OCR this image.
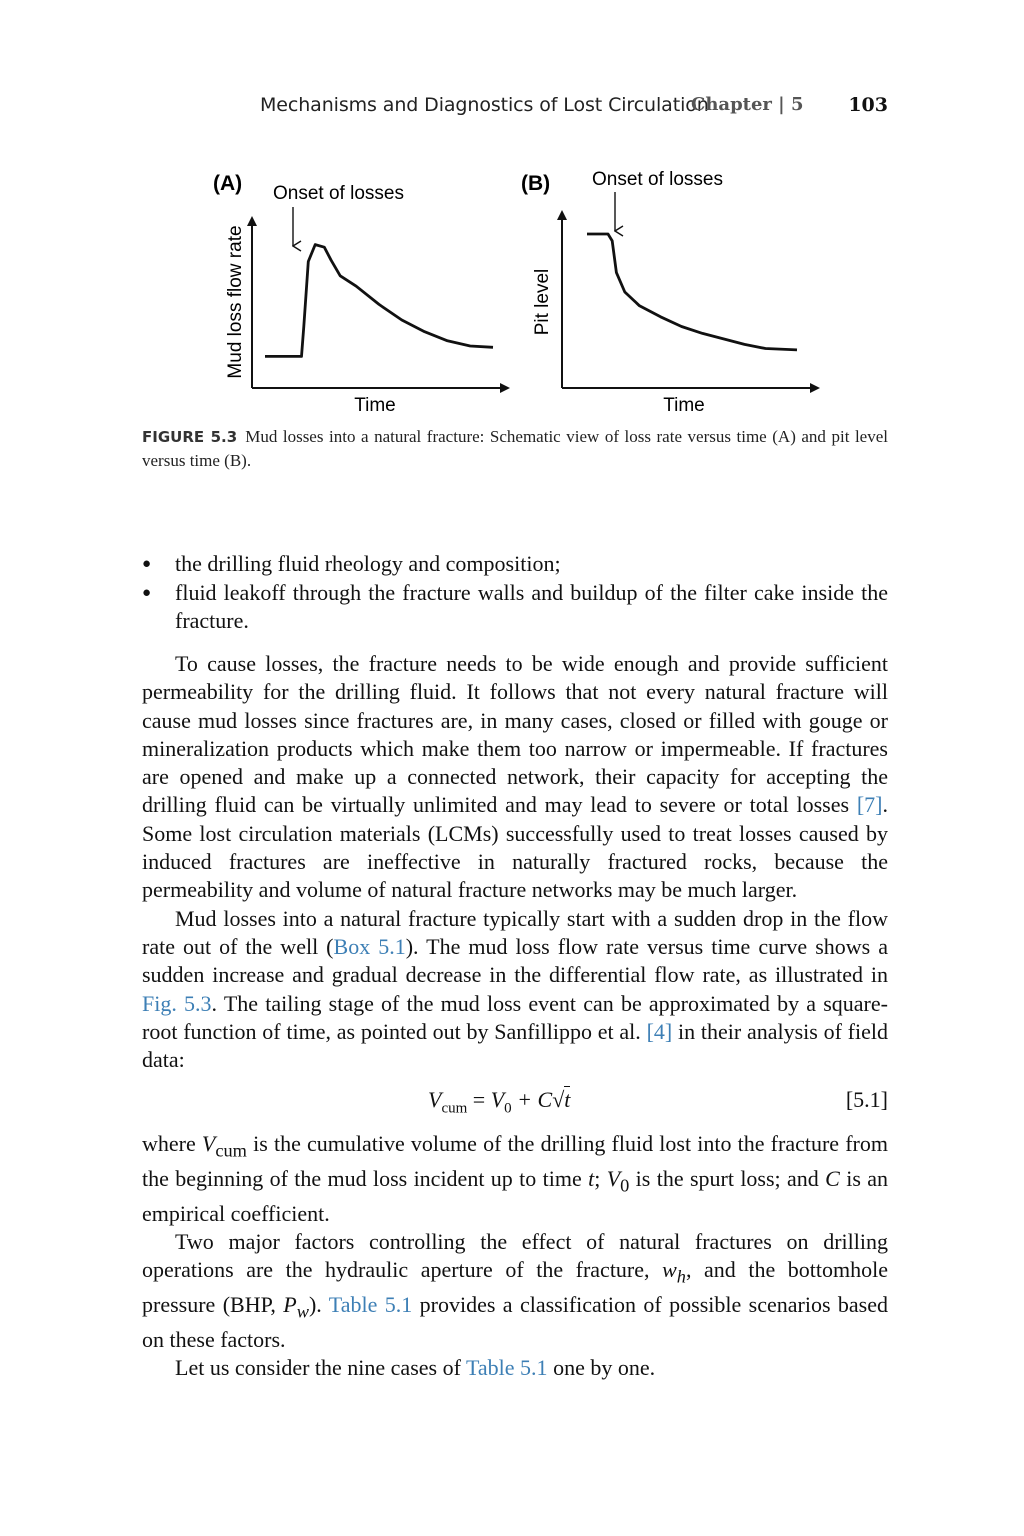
Mechanisms and Diagnostics of Lost Circulation
Chapter | 5 103
(A) Onset of losses
Mud loss flow rate
Time
(B) Onset of losses
Pit level
Time
FIGURE 5.3 Mud losses into a natural fracture: Schematic view of loss rate versus time (A) and pit level versus time (B).
● the drilling fluid rheology and composition;
● fluid leakoff through the fracture walls and buildup of the filter cake inside the fracture.

To cause losses, the fracture needs to be wide enough and provide sufficient permeability for the drilling fluid. It follows that not every natural fracture will cause mud losses since fractures are, in many cases, closed or filled with gouge or mineralization products which make them too narrow or impermeable. If fractures are opened and make up a connected network, their capacity for accepting the drilling fluid can be virtually unlimited and may lead to severe or total losses [7]. Some lost circulation materials (LCMs) successfully used to treat losses caused by induced fractures are ineffective in naturally fractured rocks, because the permeability and volume of natural fracture networks may be much larger.

Mud losses into a natural fracture typically start with a sudden drop in the flow rate out of the well (Box 5.1). The mud loss flow rate versus time curve shows a sudden increase and gradual decrease in the differential flow rate, as illustrated in Fig. 5.3. The tailing stage of the mud loss event can be approximated by a square-root function of time, as pointed out by Sanfillippo et al. [4] in their analysis of field data:

$V_{cum} = V_0 + C√t$	[5.1]

where $V_{cum}$ is the cumulative volume of the drilling fluid lost into the fracture from the beginning of the mud loss incident up to time t; $V_0$ is the spurt loss; and C is an empirical coefficient.

Two major factors controlling the effect of natural fractures on drilling operations are the hydraulic aperture of the fracture, $w_h$, and the bottomhole pressure (BHP, $P_w$). Table 5.1 provides a classification of possible scenarios based on these factors.

Let us consider the nine cases of Table 5.1 one by one.
